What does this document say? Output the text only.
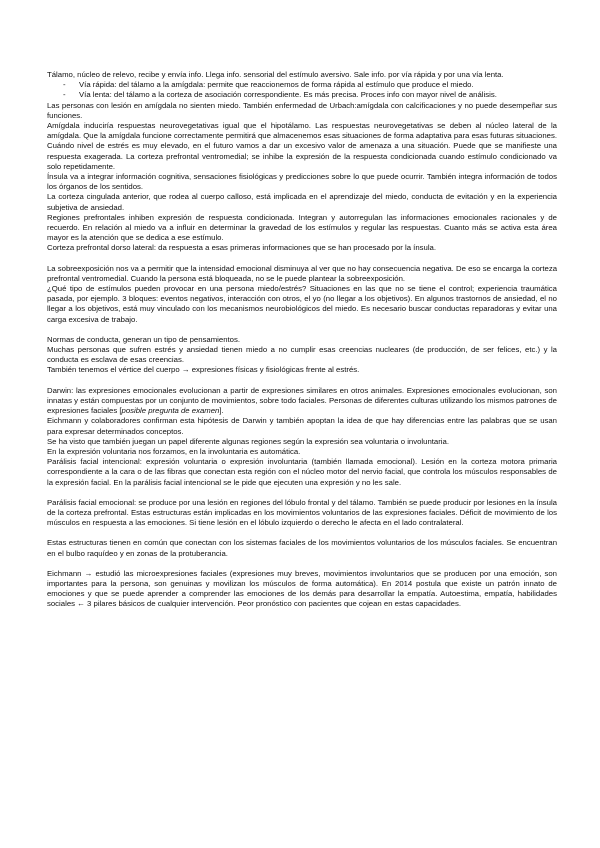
Tálamo, núcleo de relevo, recibe y envía info. Llega info. sensorial del estímulo aversivo. Sale info. por vía rápida y por una vía lenta.

- Vía rápida: del tálamo a la amígdala: permite que reaccionemos de forma rápida al estímulo que produce el miedo.
- Vía lenta: del tálamo a la corteza de asociación correspondiente. Es más precisa. Proces info con mayor nivel de análisis.

Las personas con lesión en amígdala no sienten miedo. También enfermedad de Urbach:amígdala con calcificaciones y no puede desempeñar sus funciones.

Amígdala induciría respuestas neurovegetativas igual que el hipotálamo. Las respuestas neurovegetativas se deben al núcleo lateral de la amígdala. Que la amígdala funcione correctamente permitirá que almacenemos esas situaciones de forma adaptativa para esas futuras situaciones. Cuándo nivel de estrés es muy elevado, en el futuro vamos a dar un excesivo valor de amenaza a una situación. Puede que se manifieste una respuesta exagerada. La corteza prefrontal ventromedial; se inhibe la expresión de la respuesta condicionada cuando estímulo condicionado va solo repetidamente.

Ínsula va a integrar información cognitiva, sensaciones fisiológicas y predicciones sobre lo que puede ocurrir. También integra información de todos los órganos de los sentidos.

La corteza cingulada anterior, que rodea al cuerpo calloso, está implicada en el aprendizaje del miedo, conducta de evitación y en la experiencia subjetiva de ansiedad.

Regiones prefrontales inhiben expresión de respuesta condicionada. Integran y autorregulan las informaciones emocionales racionales y de recuerdo. En relación al miedo va a influir en determinar la gravedad de los estímulos y regular las respuestas. Cuanto más se activa esta área mayor es la atención que se dedica a ese estímulo.

Corteza prefrontal dorso lateral: da respuesta a esas primeras informaciones que se han procesado por la ínsula.

La sobreexposición nos va a permitir que la intensidad emocional disminuya al ver que no hay consecuencia negativa. De eso se encarga la corteza prefrontal ventromedial. Cuando la persona está bloqueada, no se le puede plantear la sobreexposición.

¿Qué tipo de estímulos pueden provocar en una persona miedo/estrés? Situaciones en las que no se tiene el control; experiencia traumática pasada, por ejemplo. 3 bloques: eventos negativos, interacción con otros, el yo (no llegar a los objetivos). En algunos trastornos de ansiedad, el no llegar a los objetivos, está muy vinculado con los mecanismos neurobiológicos del miedo. Es necesario buscar conductas reparadoras y evitar una carga excesiva de trabajo.

Normas de conducta, generan un tipo de pensamientos.

Muchas personas que sufren estrés y ansiedad tienen miedo a no cumplir esas creencias nucleares (de producción, de ser felices, etc.) y la conducta es esclava de esas creencias.

También tenemos el vértice del cuerpo → expresiones físicas y fisiológicas frente al estrés.

Darwin: las expresiones emocionales evolucionan a partir de expresiones similares en otros animales. Expresiones emocionales evolucionan, son innatas y están compuestas por un conjunto de movimientos, sobre todo faciales. Personas de diferentes culturas utilizando los mismos patrones de expresiones faciales [posible pregunta de examen].

Eichmann y colaboradores confirman esta hipótesis de Darwin y también apoptan la idea de que hay diferencias entre las palabras que se usan para expresar determinados conceptos.

Se ha visto que también juegan un papel diferente algunas regiones según la expresión sea voluntaria o involuntaria.

En la expresión voluntaria nos forzamos, en la involuntaria es automática.

Parálisis facial intencional: expresión voluntaria o expresión involuntaria (también llamada emocional). Lesión en la corteza motora primaria correspondiente a la cara o de las fibras que conectan esta región con el núcleo motor del nervio facial, que controla los músculos responsables de la expresión facial. En la parálisis facial intencional se le pide que ejecuten una expresión y no les sale.

Parálisis facial emocional: se produce por una lesión en regiones del lóbulo frontal y del tálamo. También se puede producir por lesiones en la ínsula de la corteza prefrontal. Estas estructuras están implicadas en los movimientos voluntarios de las expresiones faciales. Déficit de movimiento de los músculos en respuesta a las emociones. Si tiene lesión en el lóbulo izquierdo o derecho le afecta en el lado contralateral.

Estas estructuras tienen en común que conectan con los sistemas faciales de los movimientos voluntarios de los músculos faciales. Se encuentran en el bulbo raquídeo y en zonas de la protuberancia.

Eichmann → estudió las microexpresiones faciales (expresiones muy breves, movimientos involuntarios que se producen por una emoción, son importantes para la persona, son genuinas y movilizan los músculos de forma automática). En 2014 postula que existe un patrón innato de emociones y que se puede aprender a comprender las emociones de los demás para desarrollar la empatía. Autoestima, empatía, habilidades sociales ← 3 pilares básicos de cualquier intervención. Peor pronóstico con pacientes que cojean en estas capacidades.
